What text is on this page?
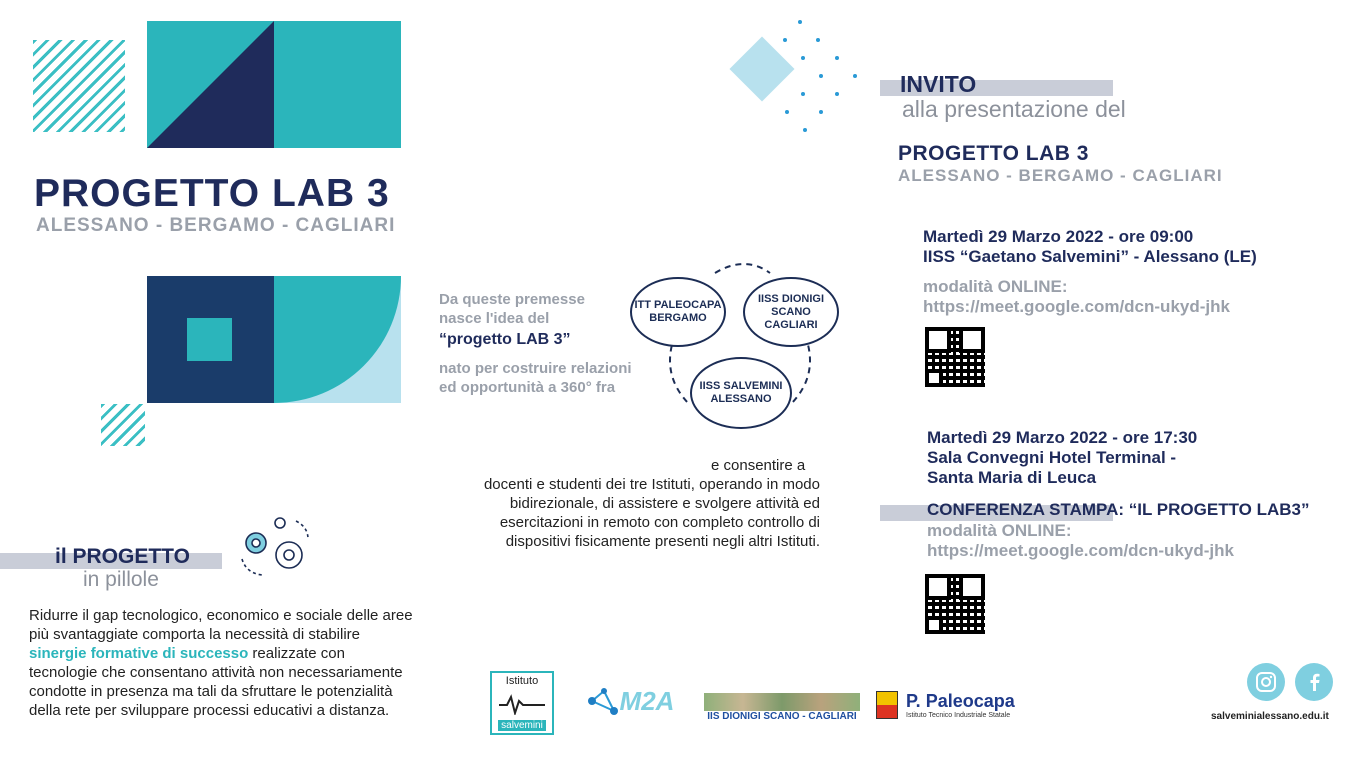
PROGETTO LAB 3
ALESSANO - BERGAMO - CAGLIARI
il PROGETTO
in pillole
Ridurre il gap tecnologico, economico e sociale delle aree più svantaggiate comporta la necessità di stabilire sinergie formative di successo realizzate con tecnologie che consentano attività non necessariamente condotte in presenza ma tali da sfruttare le potenzialità della rete per sviluppare processi educativi a distanza.
Da queste premesse nasce l'idea del
“progetto LAB 3”
nato per costruire relazioni ed opportunità a 360° fra
ITT PALEOCAPA BERGAMO
IISS DIONIGI SCANO CAGLIARI
IISS SALVEMINI ALESSANO
e consentire a
docenti e studenti dei tre Istituti, operando in modo bidirezionale, di assistere e svolgere attività ed esercitazioni in remoto con completo controllo di dispositivi fisicamente presenti negli altri Istituti.
INVITO
alla presentazione del
PROGETTO LAB 3
ALESSANO - BERGAMO - CAGLIARI
Martedì 29 Marzo 2022 - ore 09:00
IISS “Gaetano Salvemini” - Alessano (LE)
modalità ONLINE:
https://meet.google.com/dcn-ukyd-jhk
Martedì 29 Marzo 2022 - ore 17:30
Sala Convegni Hotel Terminal -
Santa Maria di Leuca
CONFERENZA STAMPA: “IL PROGETTO LAB3”
modalità ONLINE:
https://meet.google.com/dcn-ukyd-jhk
Istituto
salvemini
M2A
IIS DIONIGI SCANO - CAGLIARI
P. Paleocapa
Istituto Tecnico Industriale Statale	salveminialessano.edu.it
